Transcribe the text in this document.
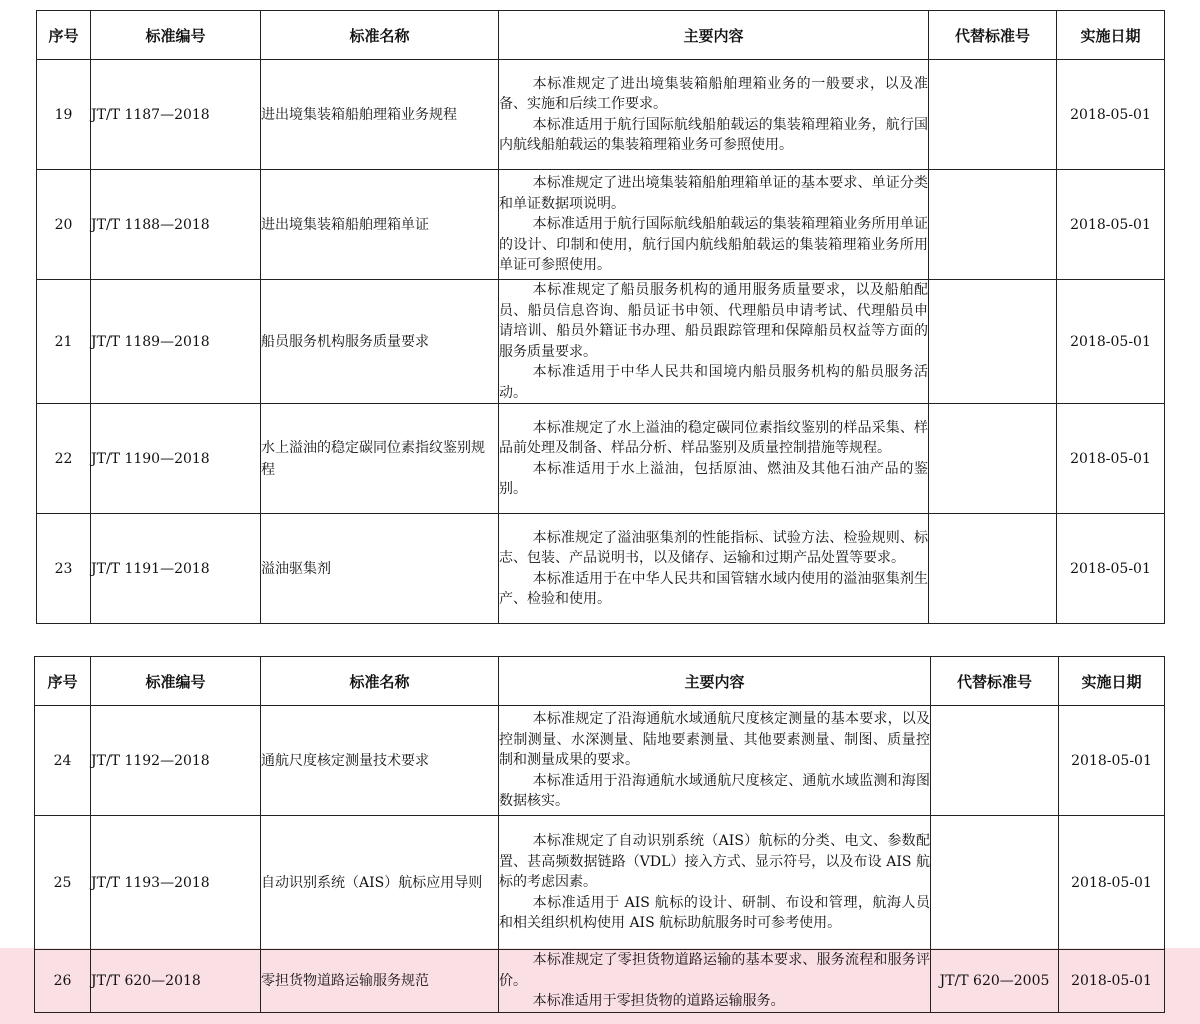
序号	标准编号	标准名称	主要内容	代替标准号	实施日期
19	JT/T 1187—2018	进出境集装箱船舶理箱业务规程	本标准规定了进出境集装箱船舶理箱业务的一般要求，以及准备、实施和后续工作要求。

本标准适用于航行国际航线船舶载运的集装箱理箱业务，航行国内航线船舶载运的集装箱理箱业务可参照使用。		2018-05-01
20	JT/T 1188—2018	进出境集装箱船舶理箱单证	本标准规定了进出境集装箱船舶理箱单证的基本要求、单证分类和单证数据项说明。

本标准适用于航行国际航线船舶载运的集装箱理箱业务所用单证的设计、印制和使用，航行国内航线船舶载运的集装箱理箱业务所用单证可参照使用。		2018-05-01
21	JT/T 1189—2018	船员服务机构服务质量要求	本标准规定了船员服务机构的通用服务质量要求，以及船舶配员、船员信息咨询、船员证书申领、代理船员申请考试、代理船员申请培训、船员外籍证书办理、船员跟踪管理和保障船员权益等方面的服务质量要求。

本标准适用于中华人民共和国境内船员服务机构的船员服务活动。		2018-05-01
22	JT/T 1190—2018	水上溢油的稳定碳同位素指纹鉴别规程	本标准规定了水上溢油的稳定碳同位素指纹鉴别的样品采集、样品前处理及制备、样品分析、样品鉴别及质量控制措施等规程。

本标准适用于水上溢油，包括原油、燃油及其他石油产品的鉴别。		2018-05-01
23	JT/T 1191—2018	溢油驱集剂	本标准规定了溢油驱集剂的性能指标、试验方法、检验规则、标志、包装、产品说明书，以及储存、运输和过期产品处置等要求。

本标准适用于在中华人民共和国管辖水域内使用的溢油驱集剂生产、检验和使用。		2018-05-01
序号	标准编号	标准名称	主要内容	代替标准号	实施日期
24	JT/T 1192—2018	通航尺度核定测量技术要求	本标准规定了沿海通航水域通航尺度核定测量的基本要求，以及控制测量、水深测量、陆地要素测量、其他要素测量、制图、质量控制和测量成果的要求。

本标准适用于沿海通航水域通航尺度核定、通航水域监测和海图数据核实。		2018-05-01
25	JT/T 1193—2018	自动识别系统（AIS）航标应用导则	本标准规定了自动识别系统（AIS）航标的分类、电文、参数配置、甚高频数据链路（VDL）接入方式、显示符号，以及布设 AIS 航标的考虑因素。

本标准适用于 AIS 航标的设计、研制、布设和管理，航海人员和相关组织机构使用 AIS 航标助航服务时可参考使用。		2018-05-01
26	JT/T 620—2018	零担货物道路运输服务规范	本标准规定了零担货物道路运输的基本要求、服务流程和服务评价。

本标准适用于零担货物的道路运输服务。	JT/T 620—2005	2018-05-01
